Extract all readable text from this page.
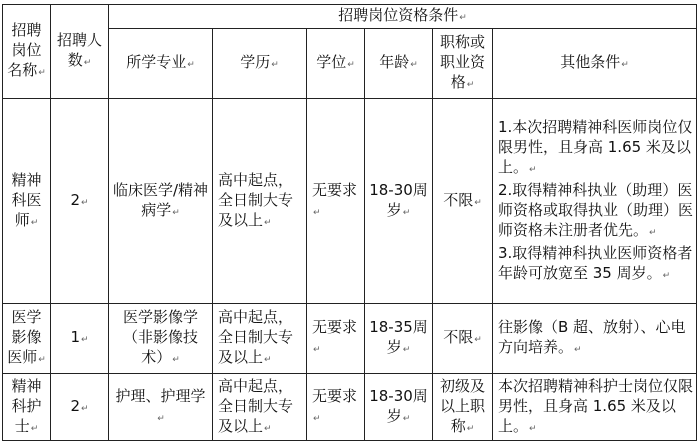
招聘岗位名称↵	招聘人数↵	招聘岗位资格条件↵					
		所学专业↵	学历↵	学位↵	年龄↵	职称或职业资格↵	其他条件↵
精神科医师↵	2↵	临床医学/精神病学↵	高中起点，全日制大专及以上↵	无要求↵	18-30周岁↵	不限↵	1.本次招聘精神科医师岗位仅限男性，且身高 1.65 米及以上。↵
2.取得精神科执业（助理）医师资格或取得执业（助理）医师资格未注册者优先。↵
3.取得精神科执业医师资格者年龄可放宽至 35 周岁。↵

医学影像医师↵	1↵	医学影像学（非影像技术）↵	高中起点，全日制大专及以上↵	无要求↵	18-35周岁↵	不限↵	往影像（B 超、放射）、心电方向培养。↵

精神科护士↵	2↵	护理、护理学↵	高中起点，全日制大专及以上↵	无要求↵	18-30周岁↵	初级及以上职称↵	本次招聘精神科护士岗位仅限男性，且身高 1.65 米及以上。↵
